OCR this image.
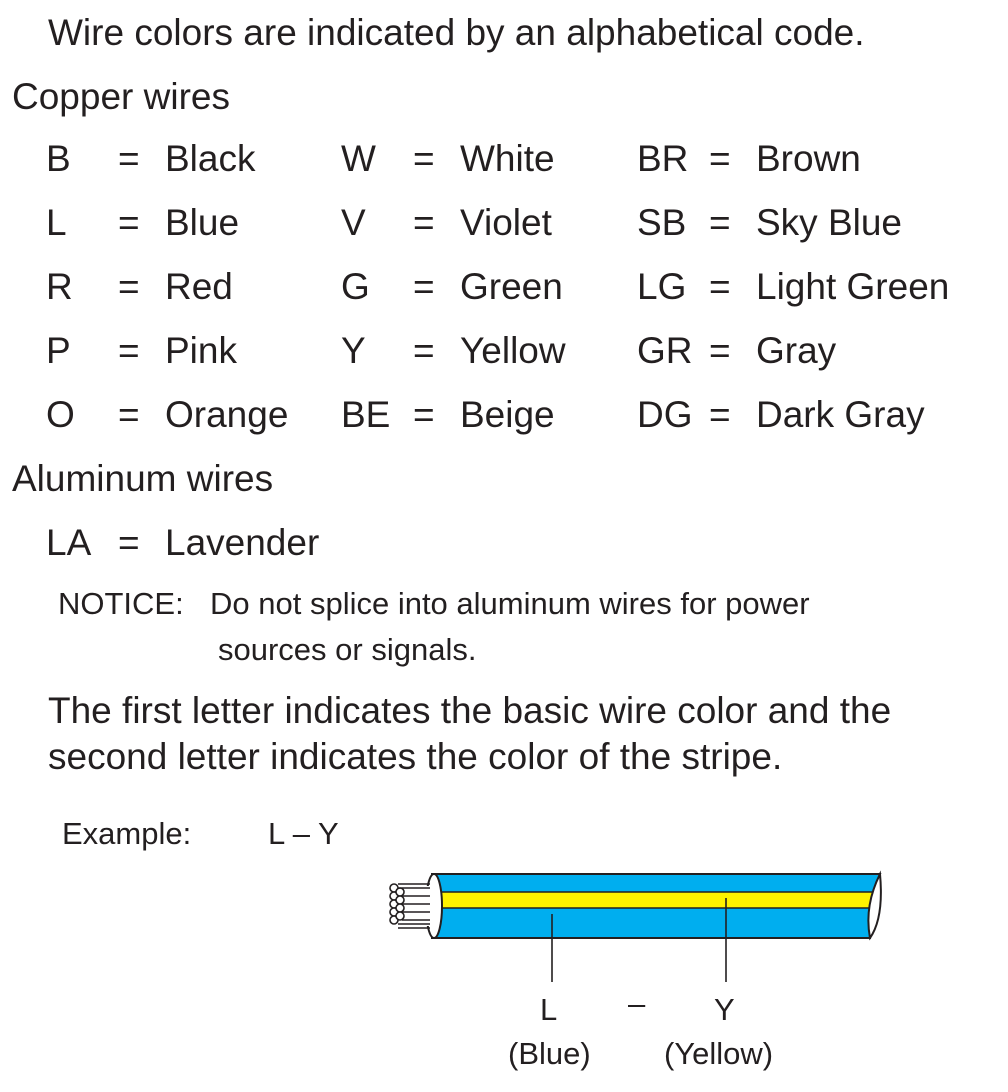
Wire colors are indicated by an alphabetical code.
Copper wires
B = Black W = White BR = Brown
L = Blue	V = Violet SB = Sky Blue
R = Red	G = Green LG = Light Green
P = Pink	Y = Yellow GR = Gray
O = Orange BE = Beige DG = Dark Gray
Aluminum wires
LA = Lavender
NOTICE: Do not splice into aluminum wires for power
sources or signals.
The first letter indicates the basic wire color and the
second letter indicates the color of the stripe.
Example: L – Y
L – Y
(Blue) (Yellow)
